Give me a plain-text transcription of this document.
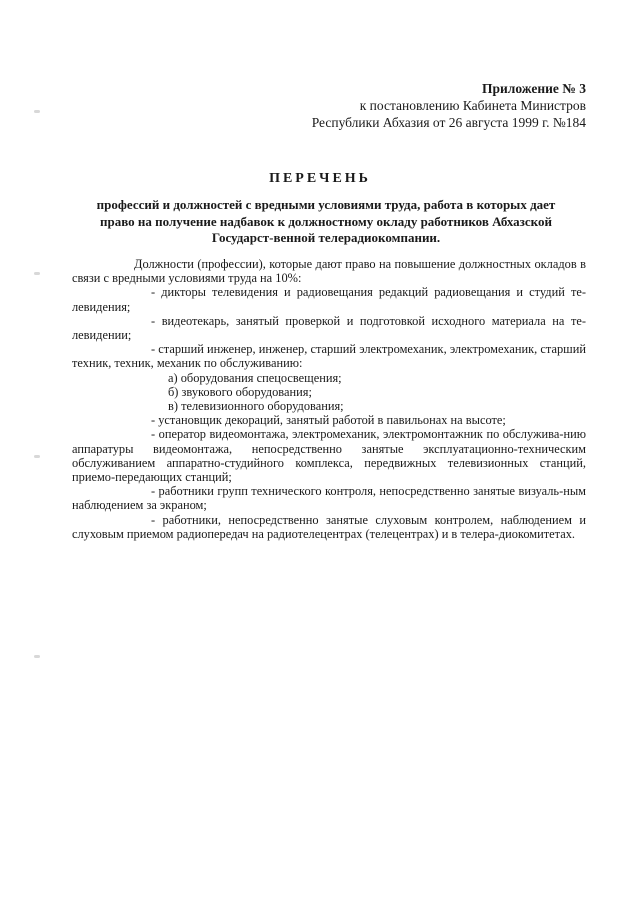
Приложение № 3
к постановлению Кабинета Министров
Республики Абхазия от 26 августа 1999 г. №184
ПЕРЕЧЕНЬ
профессий и должностей с вредными условиями труда, работа в которых дает право на получение надбавок к должностному окладу работников Абхазской Государст-венной телерадиокомпании.

Должности (профессии), которые дают право на повышение должностных окладов в связи с вредными условиями труда на 10%:

- дикторы телевидения и радиовещания редакций радиовещания и студий те-левидения;

- видеотекарь, занятый проверкой и подготовкой исходного материала на те-левидении;

- старший инженер, инженер, старший электромеханик, электромеханик, старший техник, техник, механик по обслуживанию:

а) оборудования спецосвещения;

б) звукового оборудования;

в) телевизионного оборудования;

- установщик декораций, занятый работой в павильонах на высоте;

- оператор видеомонтажа, электромеханик, электромонтажник по обслужива-нию аппаратуры видеомонтажа, непосредственно занятые эксплуатационно-техническим обслуживанием аппаратно-студийного комплекса, передвижных телевизионных станций, приемо-передающих станций;

- работники групп технического контроля, непосредственно занятые визуаль-ным наблюдением за экраном;

- работники, непосредственно занятые слуховым контролем, наблюдением и слуховым приемом радиопередач на радиотелецентрах (телецентрах) и в телера-диокомитетах.
